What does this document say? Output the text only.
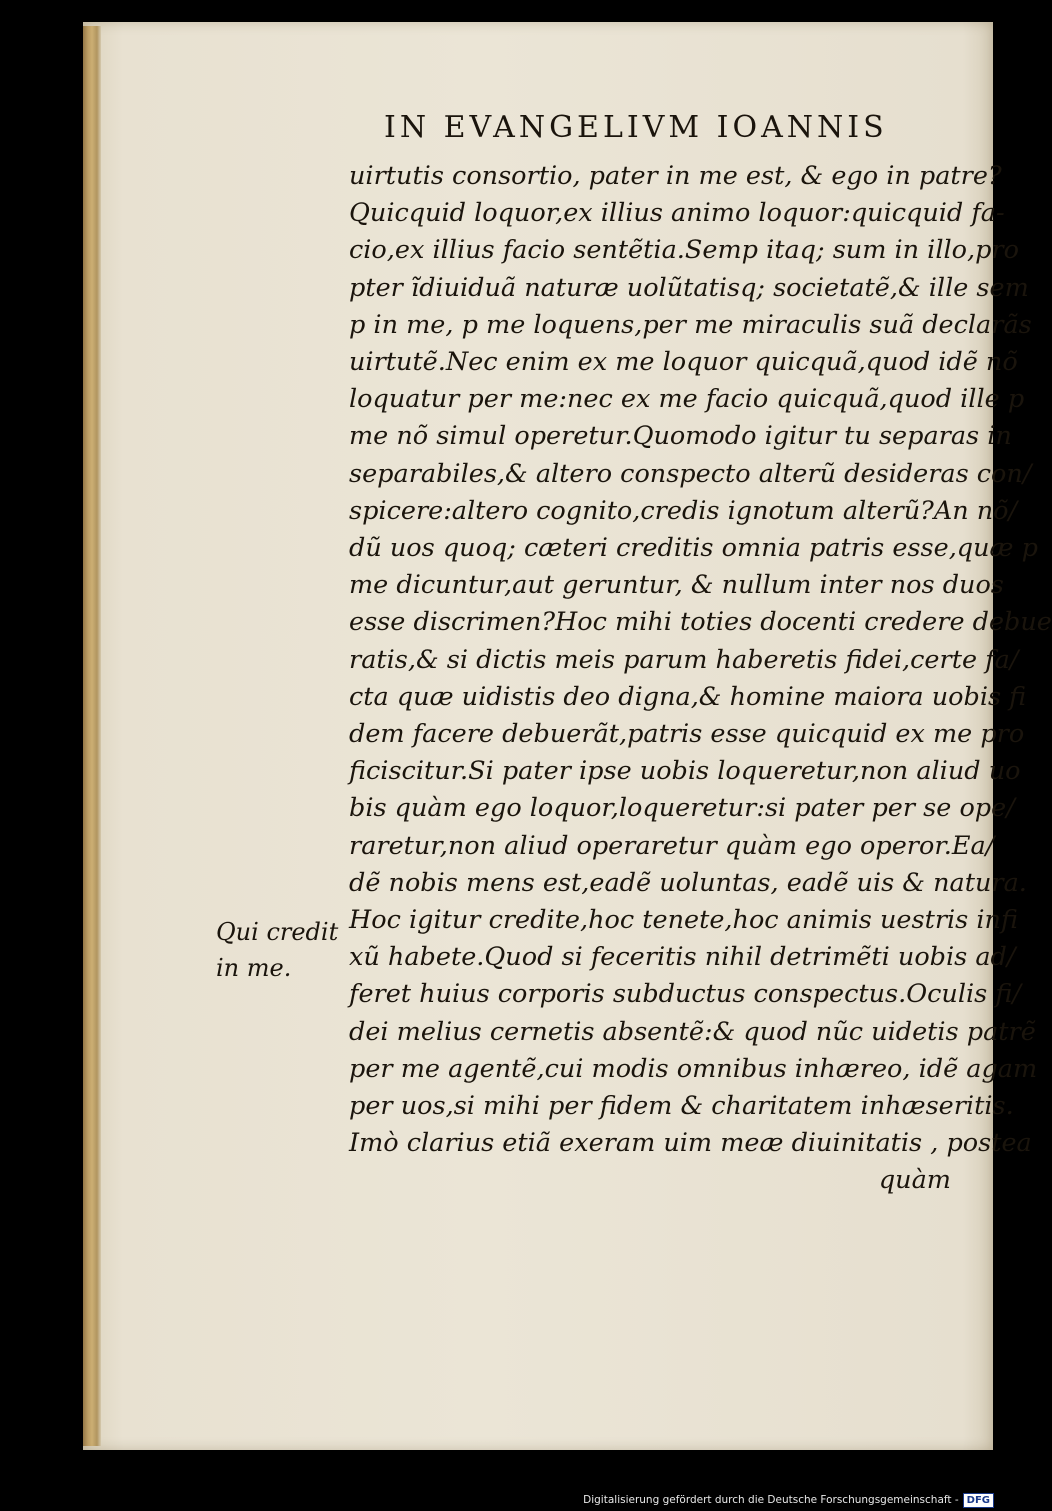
IN EVANGELIVM IOANNIS
Qui credit
in me.
uirtutis consortio, pater in me est, & ego in patre?
Quicquid loquor,ex illius animo loquor:quicquid fa-
cio,ex illius facio sentẽtia.Semp itaq; sum in illo,pro
pter ĩdiuiduã naturæ uolũtatisq; societatẽ,& ille sem
p in me, p me loquens,per me miraculis suã declarãs
uirtutẽ.Nec enim ex me loquor quicquã,quod idẽ nõ
loquatur per me:nec ex me facio quicquã,quod ille p
me nõ simul operetur.Quomodo igitur tu separas in
separabiles,& altero conspecto alterũ desideras con/
spicere:altero cognito,credis ignotum alterũ?An nõ/
dũ uos quoq; cæteri creditis omnia patris esse,quæ p
me dicuntur,aut geruntur, & nullum inter nos duos
esse discrimen?Hoc mihi toties docenti credere debue
ratis,& si dictis meis parum haberetis fidei,certe fa/
cta quæ uidistis deo digna,& homine maiora uobis fi
dem facere debuerãt,patris esse quicquid ex me pro
ficiscitur.Si pater ipse uobis loqueretur,non aliud uo
bis quàm ego loquor,loqueretur:si pater per se ope/
raretur,non aliud operaretur quàm ego operor.Ea/
dẽ nobis mens est,eadẽ uoluntas, eadẽ uis & natura.
Hoc igitur credite,hoc tenete,hoc animis uestris infi
xũ habete.Quod si feceritis nihil detrimẽti uobis ad/
feret huius corporis subductus conspectus.Oculis fi/
dei melius cernetis absentẽ:& quod nũc uidetis patrẽ
per me agentẽ,cui modis omnibus inhæreo, idẽ agam
per uos,si mihi per fidem & charitatem inhæseritis.
Imò clarius etiã exeram uim meæ diuinitatis , postea
quàm
Digitalisierung gefördert durch die Deutsche Forschungsgemeinschaft - DFG
